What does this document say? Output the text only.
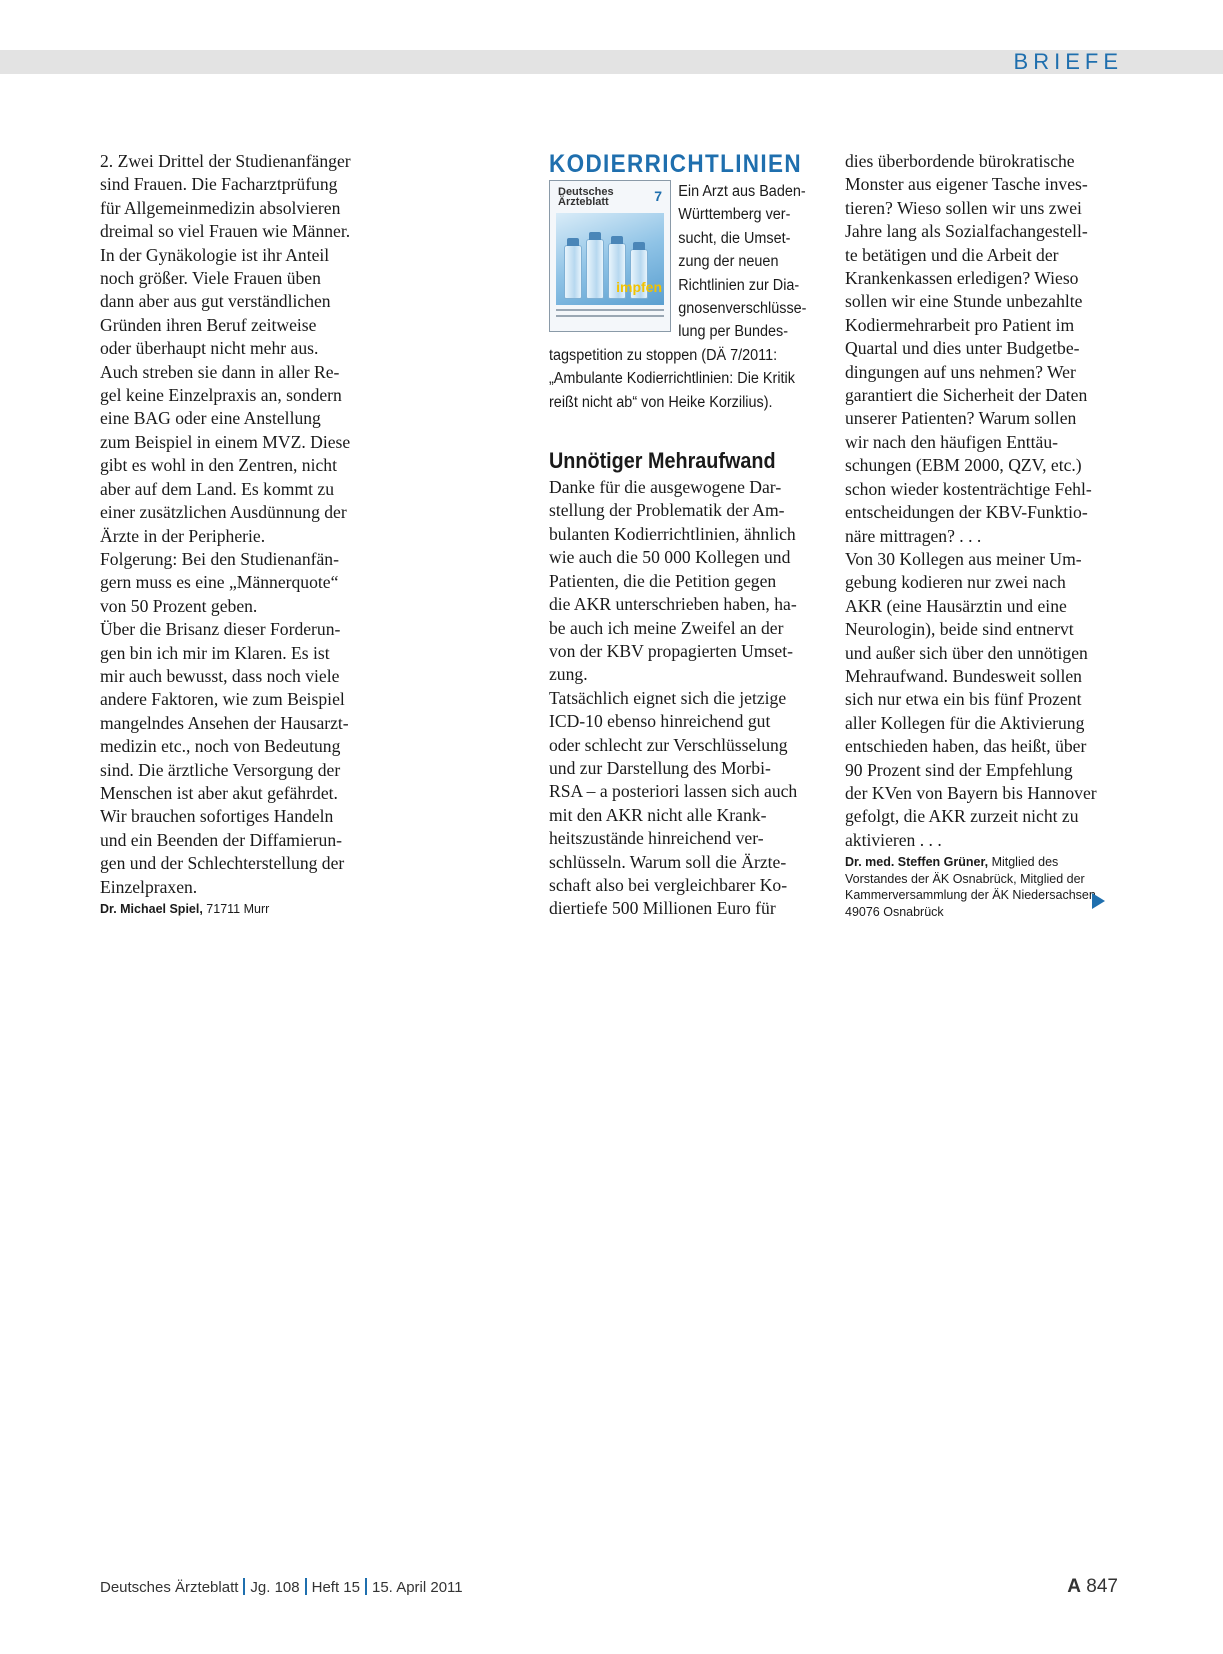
BRIEFE

2. Zwei Drittel der Studienanfänger
sind Frauen. Die Facharztprüfung
für Allgemeinmedizin absolvieren
dreimal so viel Frauen wie Männer.
In der Gynäkologie ist ihr Anteil
noch größer. Viele Frauen üben
dann aber aus gut verständlichen
Gründen ihren Beruf zeitweise
oder überhaupt nicht mehr aus.
Auch streben sie dann in aller Re-
gel keine Einzelpraxis an, sondern
eine BAG oder eine Anstellung
zum Beispiel in einem MVZ. Diese
gibt es wohl in den Zentren, nicht
aber auf dem Land. Es kommt zu
einer zusätzlichen Ausdünnung der
Ärzte in der Peripherie.
Folgerung: Bei den Studienanfän-
gern muss es eine „Männerquote“
von 50 Prozent geben.
Über die Brisanz dieser Forderun-
gen bin ich mir im Klaren. Es ist
mir auch bewusst, dass noch viele
andere Faktoren, wie zum Beispiel
mangelndes Ansehen der Hausarzt-
medizin etc., noch von Bedeutung
sind. Die ärztliche Versorgung der
Menschen ist aber akut gefährdet.
Wir brauchen sofortiges Handeln
und ein Beenden der Diffamierun-
gen und der Schlechterstellung der
Einzelpraxen.

Dr. Michael Spiel, 71711 Murr
KODIERRICHTLINIEN
Deutsches
Ärzteblatt	7
impfen

Ein Arzt aus Baden-
Württemberg ver-
sucht, die Umset-
zung der neuen
Richtlinien zur Dia-
gnosenverschlüsse-
lung per Bundes-
tagspetition zu stoppen (DÄ 7/2011:
„Ambulante Kodierrichtlinien: Die Kritik
reißt nicht ab“ von Heike Korzilius).

Unnötiger Mehraufwand

Danke für die ausgewogene Dar-
stellung der Problematik der Am-
bulanten Kodierrichtlinien, ähnlich
wie auch die 50 000 Kollegen und
Patienten, die die Petition gegen
die AKR unterschrieben haben, ha-
be auch ich meine Zweifel an der
von der KBV propagierten Umset-
zung.
Tatsächlich eignet sich die jetzige
ICD-10 ebenso hinreichend gut
oder schlecht zur Verschlüsselung
und zur Darstellung des Morbi-
RSA – a posteriori lassen sich auch
mit den AKR nicht alle Krank-
heitszustände hinreichend ver-
schlüsseln. Warum soll die Ärzte-
schaft also bei vergleichbarer Ko-
diertiefe 500 Millionen Euro für

dies überbordende bürokratische
Monster aus eigener Tasche inves-
tieren? Wieso sollen wir uns zwei
Jahre lang als Sozialfachangestell-
te betätigen und die Arbeit der
Krankenkassen erledigen? Wieso
sollen wir eine Stunde unbezahlte
Kodiermehrarbeit pro Patient im
Quartal und dies unter Budgetbe-
dingungen auf uns nehmen? Wer
garantiert die Sicherheit der Daten
unserer Patienten? Warum sollen
wir nach den häufigen Enttäu-
schungen (EBM 2000, QZV, etc.)
schon wieder kostenträchtige Fehl-
entscheidungen der KBV-Funktio-
näre mittragen? . . .
Von 30 Kollegen aus meiner Um-
gebung kodieren nur zwei nach
AKR (eine Hausärztin und eine
Neurologin), beide sind entnervt
und außer sich über den unnötigen
Mehraufwand. Bundesweit sollen
sich nur etwa ein bis fünf Prozent
aller Kollegen für die Aktivierung
entschieden haben, das heißt, über
90 Prozent sind der Empfehlung
der KVen von Bayern bis Hannover
gefolgt, die AKR zurzeit nicht zu
aktivieren . . .

Dr. med. Steffen Grüner, Mitglied des
Vorstandes der ÄK Osnabrück, Mitglied der
Kammerversammlung der ÄK Niedersachsen,
49076 Osnabrück
Deutsches Ärzteblatt Jg. 108 Heft 15 15. April 2011	A 847
